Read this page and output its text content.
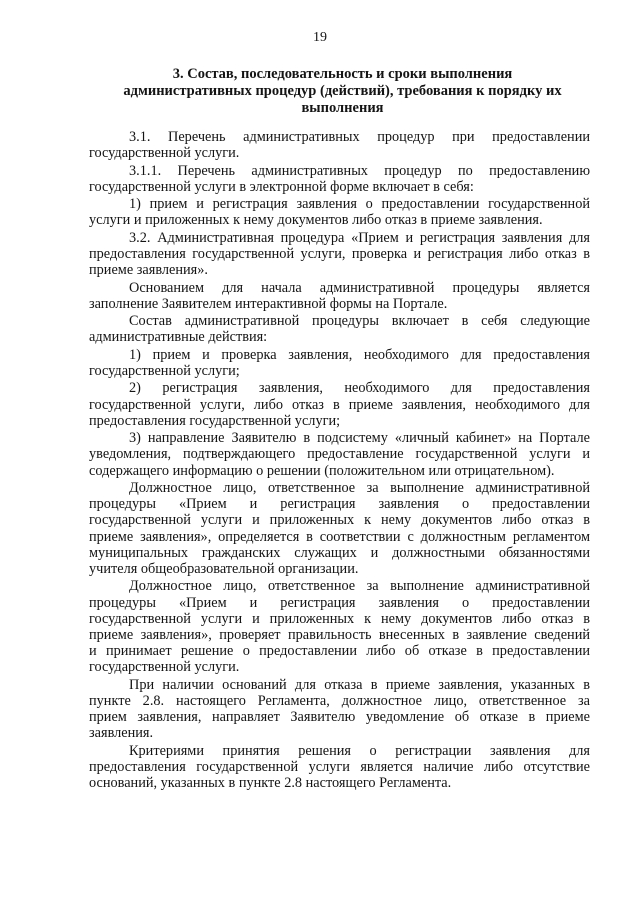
19
3. Состав, последовательность и сроки выполнения
административных процедур (действий), требования к порядку их
выполнения

3.1. Перечень административных процедур при предоставлении
государственной услуги.

3.1.1. Перечень административных процедур по предоставлению
государственной услуги в электронной форме включает в себя:

1) прием и регистрация заявления о предоставлении государственной
услуги и приложенных к нему документов либо отказ в приеме заявления.

3.2. Административная процедура «Прием и регистрация заявления для
предоставления государственной услуги, проверка и регистрация либо отказ в
приеме заявления».

Основанием для начала административной процедуры является
заполнение Заявителем интерактивной формы на Портале.

Состав административной процедуры включает в себя следующие
административные действия:

1) прием и проверка заявления, необходимого для предоставления
государственной услуги;

2) регистрация заявления, необходимого для предоставления
государственной услуги, либо отказ в приеме заявления, необходимого для
предоставления государственной услуги;

3) направление Заявителю в подсистему «личный кабинет» на Портале
уведомления, подтверждающего предоставление государственной услуги и
содержащего информацию о решении (положительном или отрицательном).

Должностное лицо, ответственное за выполнение административной
процедуры «Прием и регистрация заявления о предоставлении
государственной услуги и приложенных к нему документов либо отказ в
приеме заявления», определяется в соответствии с должностным регламентом
муниципальных гражданских служащих и должностными обязанностями
учителя общеобразовательной организации.

Должностное лицо, ответственное за выполнение административной
процедуры «Прием и регистрация заявления о предоставлении
государственной услуги и приложенных к нему документов либо отказ в
приеме заявления», проверяет правильность внесенных в заявление сведений
и принимает решение о предоставлении либо об отказе в предоставлении
государственной услуги.

При наличии оснований для отказа в приеме заявления, указанных в
пункте 2.8. настоящего Регламента, должностное лицо, ответственное за
прием заявления, направляет Заявителю уведомление об отказе в приеме
заявления.

Критериями принятия решения о регистрации заявления для
предоставления государственной услуги является наличие либо отсутствие
оснований, указанных в пункте 2.8 настоящего Регламента.
